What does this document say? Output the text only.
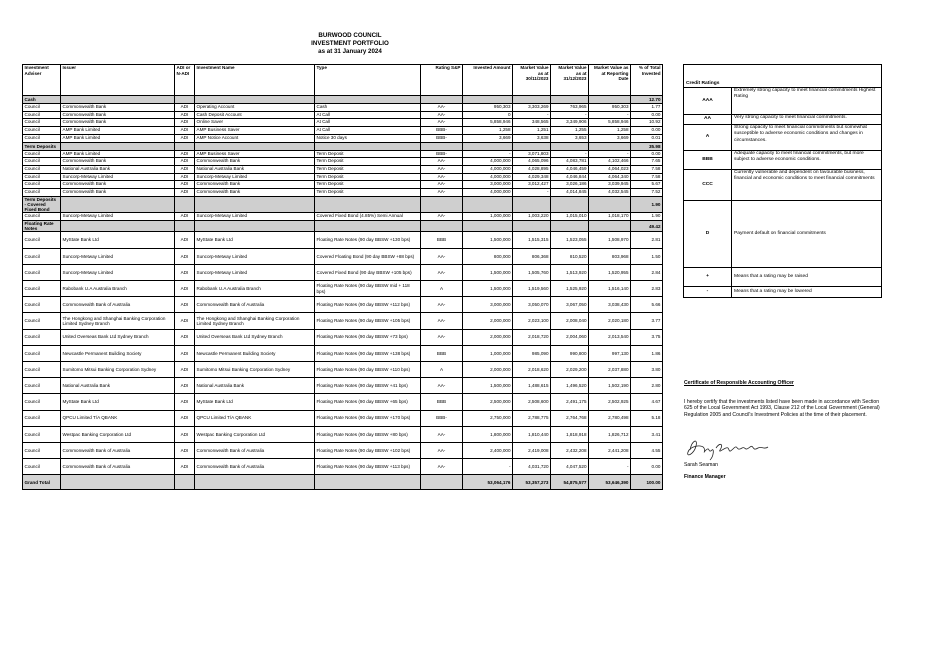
BURWOOD COUNCIL
INVESTMENT PORTFOLIO
as at 31 January 2024
Investment Adviser	Issuer	ADI or N-ADI	Investment Name	Type	Rating S&P	Invested Amount	Market Value as at 30/11/2023	Market Value as at 31/12/2023	Market Value as at Reporting Date	% of Total Invested
Cash										12.70
Council	Commonwealth Bank	ADI	Operating Account	Cash	AA-	950,303	3,303,269	763,965	950,303	1.77
Council	Commonwealth Bank	ADI	Cash Deposit Account	At Call	AA-	0	-	-	-	0.00
Council	Commonwealth Bank	ADI	Online Saver	At Call	AA-	5,858,946	348,565	3,349,906	5,858,946	10.92
Council	AMP Bank Limited	ADI	AMP Business Saver	At Call	BBB-	1,258	1,251	1,255	1,258	0.00
Council	AMP Bank Limited	ADI	AMP Notice Account	Notice 30 days	BBB-	3,669	3,638	3,653	3,669	0.01
Term Deposits										35.98
Council	AMP Bank Limited	ADI	AMP Business Saver	Term Deposit	BBB-	-	3,071,803	-	-	0.00
Council	Commonwealth Bank	ADI	Commonwealth Bank	Term Deposit	AA-	4,000,000	4,065,096	4,083,781	4,102,466	7.65
Council	National Australia Bank	ADI	National Australia Bank	Term Deposit	AA-	4,000,000	4,028,895	4,046,459	4,064,023	7.58
Council	Suncorp-Metway Limited	ADI	Suncorp-Metway Limited	Term Deposit	AA-	4,000,000	4,029,348	4,046,844	4,064,340	7.58
Council	Commonwealth Bank	ADI	Commonwealth Bank	Term Deposit	AA-	3,000,000	3,012,427	3,026,186	3,039,945	5.67
Council	Commonwealth Bank	ADI	Commonwealth Bank	Term Deposit	AA-	4,000,000	-	4,014,845	4,032,545	7.52
Term Deposits - Covered Fixed Bond										1.90
Council	Suncorp-Metway Limited	ADI	Suncorp-Metway Limited	Covered Fixed Bond (4.85%) Semi Annual	AA-	1,000,000	1,003,220	1,015,010	1,018,170	1.90
Floating Rate Notes										49.42
Council	MyState Bank Ltd	ADI	MyState Bank Ltd	Floating Rate Notes (90 day BBSW +130 bps)	BBB	1,500,000	1,515,315	1,523,055	1,508,970	2.81
Council	Suncorp-Metway Limited	ADI	Suncorp-Metway Limited	Covered Floating Bond (90 day BBSW +88 bps)	AA-	800,000	806,368	810,520	803,968	1.50
Council	Suncorp-Metway Limited	ADI	Suncorp-Metway Limited	Covered Fixed Bond (90 day BBSW +105 bps)	AA-	1,500,000	1,505,760	1,513,920	1,520,955	2.84
Council	Rabobank U.A Australia Branch	ADI	Rabobank U.A Australia Branch	Floating Rate Notes (90 day BBSW mid + 118 bps)	A	1,500,000	1,519,560	1,525,920	1,516,140	2.83
Council	Commonwealth Bank of Australia	ADI	Commonwealth Bank of Australia	Floating Rate Notes (90 day BBSW +112 bps)	AA-	3,000,000	3,050,070	3,067,050	3,038,430	5.66
Council	The Hongkong and Shanghai Banking Corporation Limited Sydney Branch	ADI	The Hongkong and Shanghai Banking Corporation Limited Sydney Branch	Floating Rate Notes (90 day BBSW +105 bps)	AA-	2,000,000	2,023,100	2,008,040	2,020,180	3.77
Council	United Overseas Bank Ltd Sydney Branch	ADI	United Overseas Bank Ltd Sydney Branch	Floating Rate Notes (90 day BBSW +73 bps)	AA-	2,000,000	2,018,720	2,004,060	2,013,540	3.75
Council	Newcastle Permanent Building Society	ADI	Newcastle Permanent Building Society	Floating Rate Notes (90 day BBSW +138 bps)	BBB	1,000,000	985,090	990,800	997,130	1.86
Council	Sumitomo Mitsui Banking Corporation Sydney	ADI	Sumitomo Mitsui Banking Corporation Sydney	Floating Rate Notes (90 day BBSW +110 bps)	A	2,000,000	2,018,620	2,029,200	2,037,880	3.80
Council	National Australia Bank	ADI	National Australia Bank	Floating Rate Notes (90 day BBSW +41 bps)	AA-	1,500,000	1,488,615	1,496,520	1,502,190	2.80
Council	MyState Bank Ltd	ADI	MyState Bank Ltd	Floating Rate Notes (90 day BBSW +65 bps)	BBB	2,500,000	2,508,600	2,491,175	2,502,925	4.67
Council	QPCU Limited T/A QBANK	ADI	QPCU Limited T/A QBANK	Floating Rate Notes (90 day BBSW +170 bps)	BBB-	2,750,000	2,788,775	2,764,768	2,780,498	5.18
Council	Westpac Banking Corporation Ltd	ADI	Westpac Banking Corporation Ltd	Floating Rate Notes (90 day BBSW +80 bps)	AA-	1,800,000	1,810,440	1,818,918	1,826,712	3.41
Council	Commonwealth Bank of Australia	ADI	Commonwealth Bank of Australia	Floating Rate Notes (90 day BBSW +102 bps)	AA-	2,400,000	2,419,008	2,432,208	2,441,208	4.55
Council	Commonwealth Bank of Australia	ADI	Commonwealth Bank of Australia	Floating Rate Notes (90 day BBSW +113 bps)	AA-	-	4,031,720	4,047,520	-	0.00
Grand Total						53,064,176	53,357,273	54,875,577	53,646,390	100.00
Credit Ratings	
AAA	Extremely strong capacity to meet financial commitments Highest Rating
AA	Very strong capacity to meet financial commitments.
A	Strong capacity to meet financial commitments but somewhat susceptible to adverse economic conditions and changes in circumstances.
BBB	Adequate capacity to meet financial commitments, but more subject to adverse economic conditions.
CCC	Currently vulnerable and dependent on favourable business, financial and economic conditions to meet financial commitments
D	Payment default on financial commitments
+	Means that a rating may be raised
-	Means that a rating may be lowered
Certificate of Responsible Accounting Officer
I hereby certify that the investments listed have been made in accordance with Section 625 of the Local Government Act 1993, Clause 212 of the Local Government (General) Regulation 2005 and Council's Investment Policies at the time of their placement.
Sarah Seaman
Finance Manager
